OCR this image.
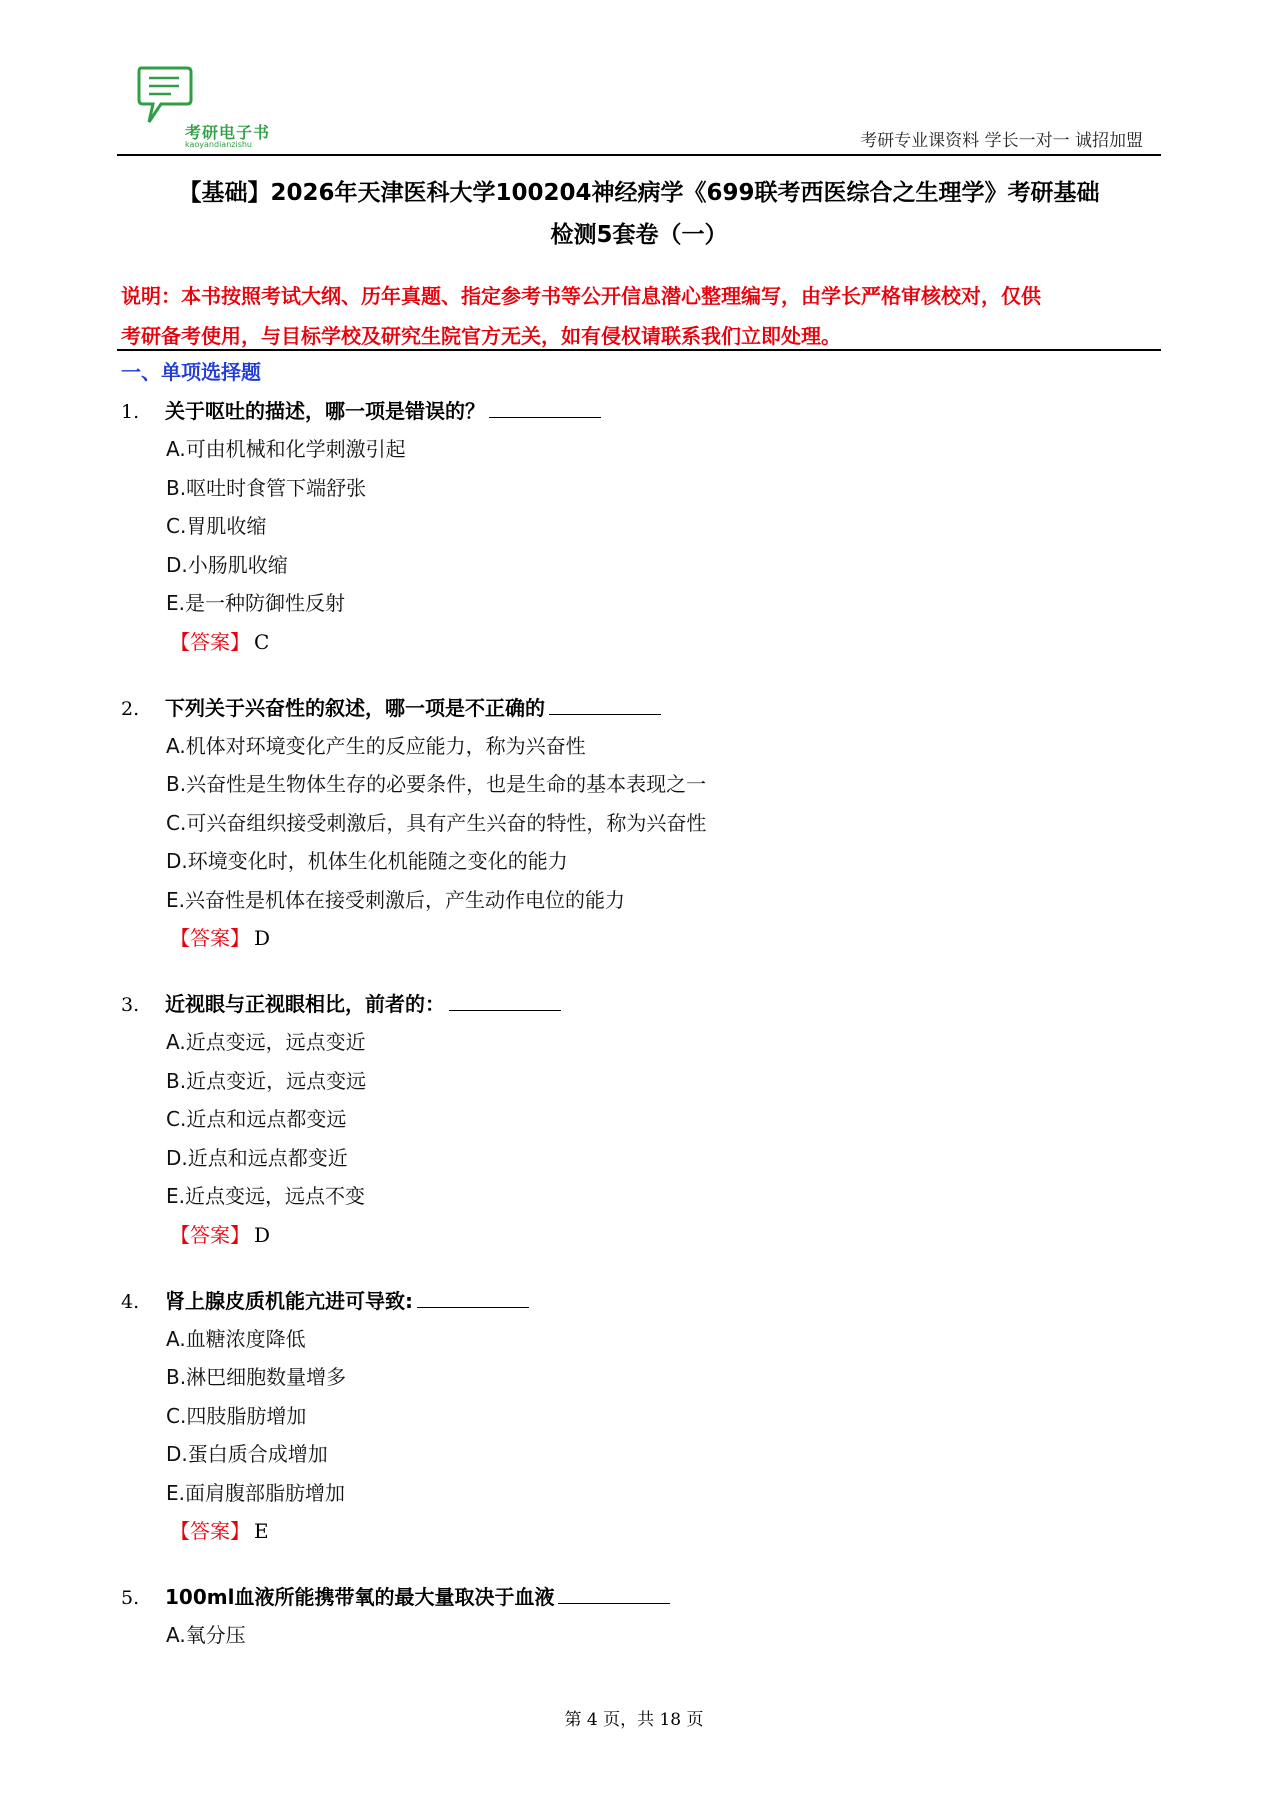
考研电子书
kaoyandianzishu	考研专业课资料 学长一对一 诚招加盟
【基础】2026年天津医科大学100204神经病学《699联考西医综合之生理学》考研基础
检测5套卷（一）
说明：本书按照考试大纲、历年真题、指定参考书等公开信息潜心整理编写，由学长严格审核校对，仅供
考研备考使用，与目标学校及研究生院官方无关，如有侵权请联系我们立即处理。
一、单项选择题
1. 关于呕吐的描述，哪一项是错误的？
A.可由机械和化学刺激引起
B.呕吐时食管下端舒张
C.胃肌收缩
D.小肠肌收缩
E.是一种防御性反射
【答案】 C
2. 下列关于兴奋性的叙述，哪一项是不正确的
A.机体对环境变化产生的反应能力，称为兴奋性
B.兴奋性是生物体生存的必要条件，也是生命的基本表现之一
C.可兴奋组织接受刺激后，具有产生兴奋的特性，称为兴奋性
D.环境变化时，机体生化机能随之变化的能力
E.兴奋性是机体在接受刺激后，产生动作电位的能力
【答案】 D
3. 近视眼与正视眼相比，前者的：
A.近点变远，远点变近
B.近点变近，远点变远
C.近点和远点都变远
D.近点和远点都变近
E.近点变远，远点不变
【答案】 D
4. 肾上腺皮质机能亢进可导致:
A.血糖浓度降低
B.淋巴细胞数量增多
C.四肢脂肪增加
D.蛋白质合成增加
E.面肩腹部脂肪增加
【答案】 E
5. 100ml血液所能携带氧的最大量取决于血液
A.氧分压
第 4 页，共 18 页
